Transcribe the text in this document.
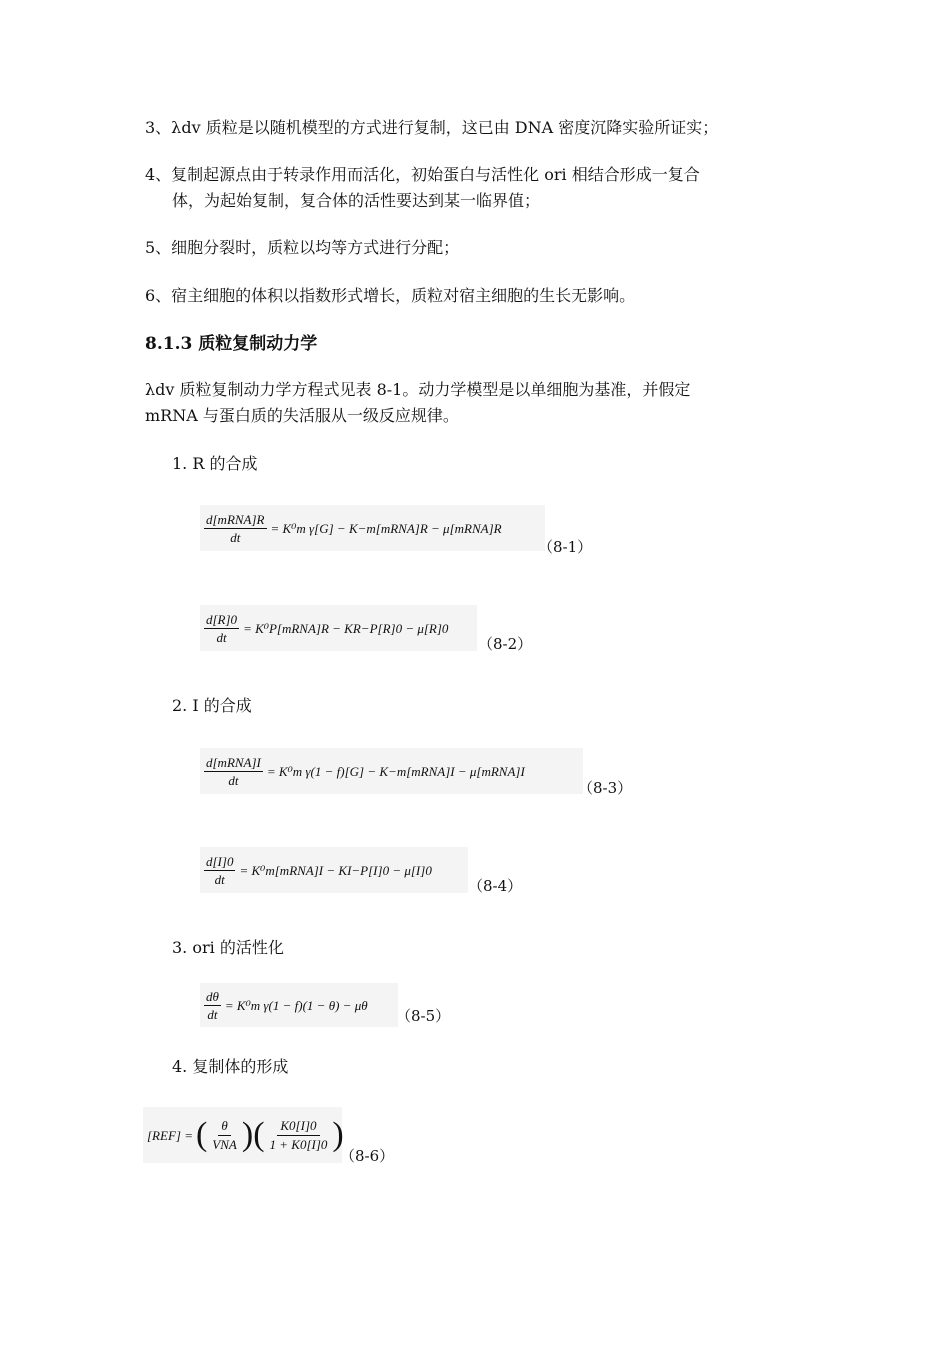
3、λdv 质粒是以随机模型的方式进行复制，这已由 DNA 密度沉降实验所证实；
4、复制起源点由于转录作用而活化，初始蛋白与活性化 ori 相结合形成一复合
体，为起始复制，复合体的活性要达到某一临界值；
5、细胞分裂时，质粒以均等方式进行分配；
6、宿主细胞的体积以指数形式增长，质粒对宿主细胞的生长无影响。
8.1.3 质粒复制动力学
λdv 质粒复制动力学方程式见表 8-1。动力学模型是以单细胞为基准，并假定
mRNA 与蛋白质的失活服从一级反应规律。
1. R 的合成
$\frac{\text{d[mRNA]R}}{dt} = K^0m$ γ[G] − K−m[mRNA]R − μ[mRNA]R
（8-1）
$\frac{d[R]0}{dt}$ = K⁰P[mRNA]R − KR−P[R]0 − μ[R]0
（8-2）
2. I 的合成
$\frac{\text{d[mRNA]I}}{dt} = K^0m$ γ(1 − f)[G] − K−m[mRNA]I − μ[mRNA]I
（8-3）
$\frac{d[I]0}{dt}$ = K⁰m[mRNA]I − KI−P[I]0 − μ[I]0
（8-4）
3. ori 的活性化
$\frac{d\theta}{dt} = K^0m$ γ(1 − f)(1 − θ) − μθ
（8-5）
4. 复制体的形成
[REF] = ( $\frac{\theta}{\text{VNA}}$ ) ( $\frac{K0[I]0}{1 + K0[I]0}$ )
（8-6）
